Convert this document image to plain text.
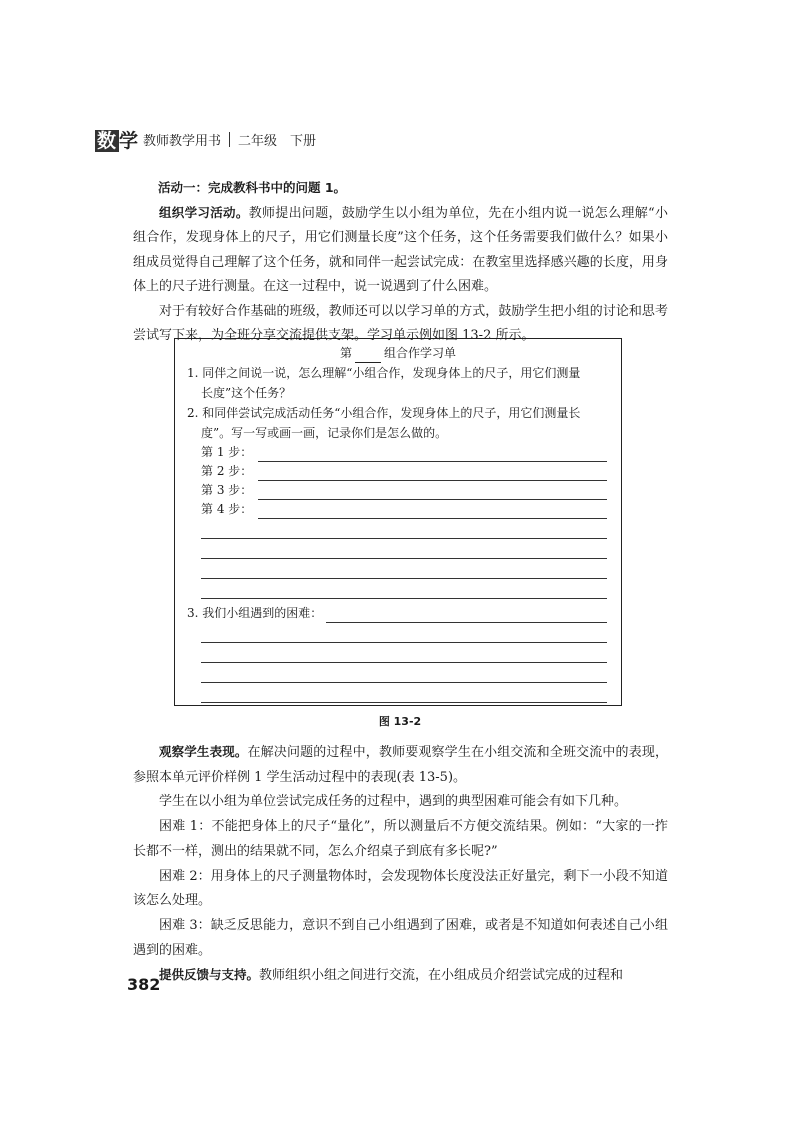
数 学 教师教学用书 二年级　下册

活动一：完成教科书中的问题 1。

组织学习活动。教师提出问题，鼓励学生以小组为单位，先在小组内说一说怎么理解“小组合作，发现身体上的尺子，用它们测量长度”这个任务，这个任务需要我们做什么？如果小组成员觉得自己理解了这个任务，就和同伴一起尝试完成：在教室里选择感兴趣的长度，用身体上的尺子进行测量。在这一过程中，说一说遇到了什么困难。

对于有较好合作基础的班级，教师还可以以学习单的方式，鼓励学生把小组的讨论和思考尝试写下来，为全班分享交流提供支架。学习单示例如图 13-2 所示。

第	组合作学习单
1. 同伴之间说一说，怎么理解“小组合作，发现身体上的尺子，用它们测量
长度”这个任务？
2. 和同伴尝试完成活动任务“小组合作，发现身体上的尺子，用它们测量长
度”。写一写或画一画，记录你们是怎么做的。
第 1 步：
第 2 步：
第 3 步：
第 4 步：
3. 我们小组遇到的困难：
图 13-2

观察学生表现。在解决问题的过程中，教师要观察学生在小组交流和全班交流中的表现，参照本单元评价样例 1 学生活动过程中的表现(表 13-5)。

学生在以小组为单位尝试完成任务的过程中，遇到的典型困难可能会有如下几种。

困难 1：不能把身体上的尺子“量化”，所以测量后不方便交流结果。例如：“大家的一拃长都不一样，测出的结果就不同，怎么介绍桌子到底有多长呢?”

困难 2：用身体上的尺子测量物体时，会发现物体长度没法正好量完，剩下一小段不知道该怎么处理。

困难 3：缺乏反思能力，意识不到自己小组遇到了困难，或者是不知道如何表述自己小组遇到的困难。

提供反馈与支持。教师组织小组之间进行交流，在小组成员介绍尝试完成的过程和

382
